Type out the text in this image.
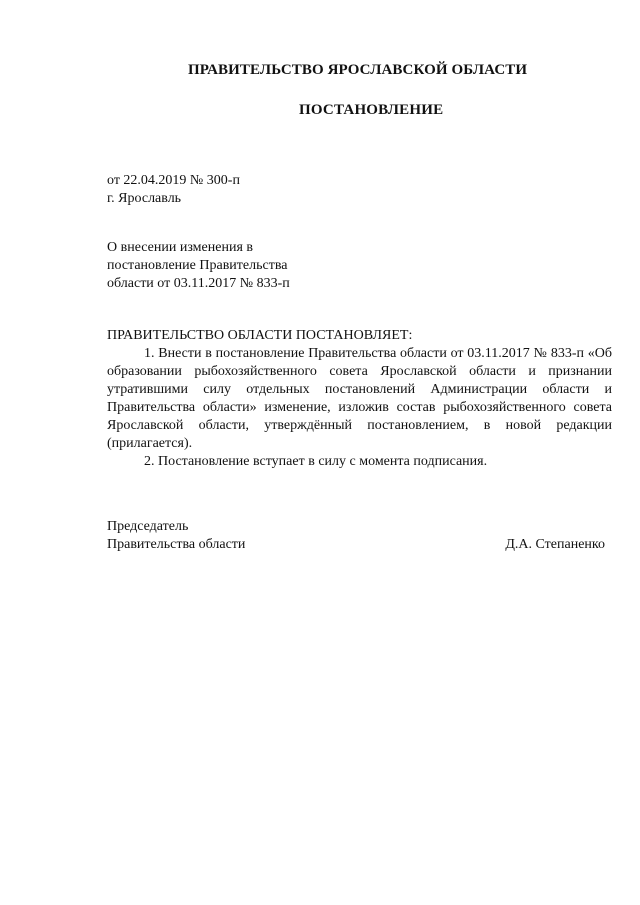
ПРАВИТЕЛЬСТВО ЯРОСЛАВСКОЙ ОБЛАСТИ
ПОСТАНОВЛЕНИЕ
от 22.04.2019 № 300-п
г. Ярославль
О внесении изменения в
постановление Правительства
области от 03.11.2017 № 833-п
ПРАВИТЕЛЬСТВО ОБЛАСТИ ПОСТАНОВЛЯЕТ:

1. Внести в постановление Правительства области от 03.11.2017 № 833-п «Об образовании рыбохозяйственного совета Ярославской области и признании утратившими силу отдельных постановлений Администрации области и Правительства области» изменение, изложив состав рыбохозяйственного совета Ярославской области, утверждённый постановлением, в новой редакции (прилагается).

2. Постановление вступает в силу с момента подписания.

Председатель
Правительства области	Д.А. Степаненко
